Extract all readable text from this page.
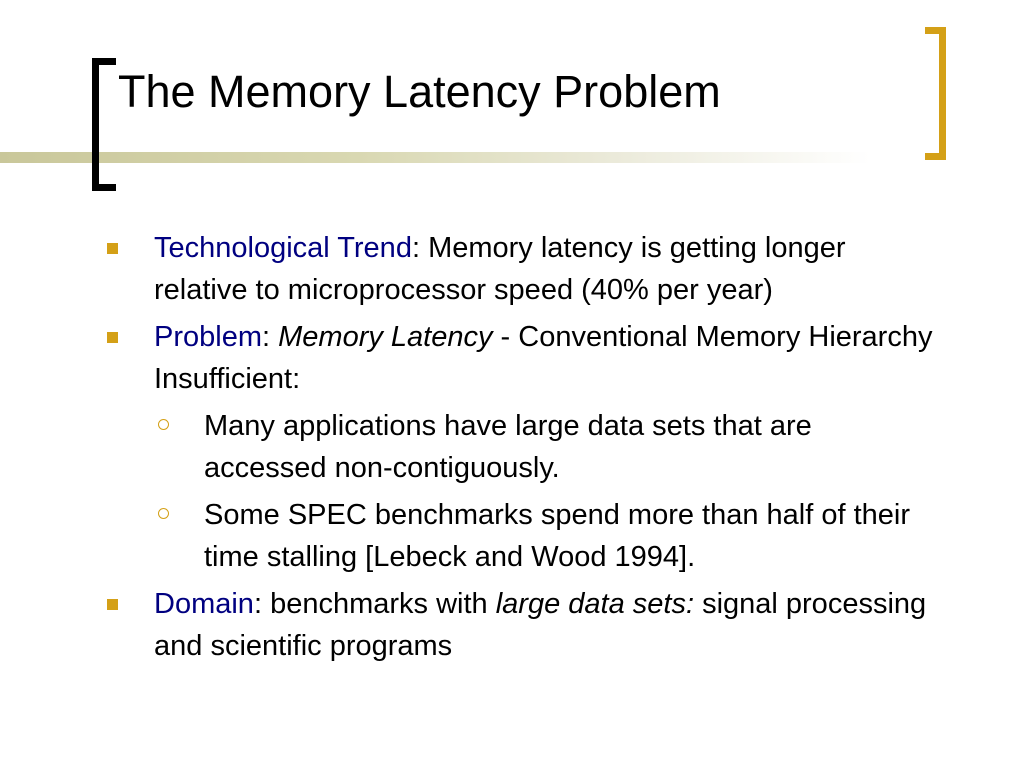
The Memory Latency Problem
Technological Trend: Memory latency is getting longer relative to microprocessor speed (40% per year)
Problem: Memory Latency - Conventional Memory Hierarchy Insufficient:
Many applications have large data sets that are accessed non-contiguously.
Some SPEC benchmarks spend more than half of their time stalling [Lebeck and Wood 1994].
Domain: benchmarks with large data sets: signal processing and scientific programs
